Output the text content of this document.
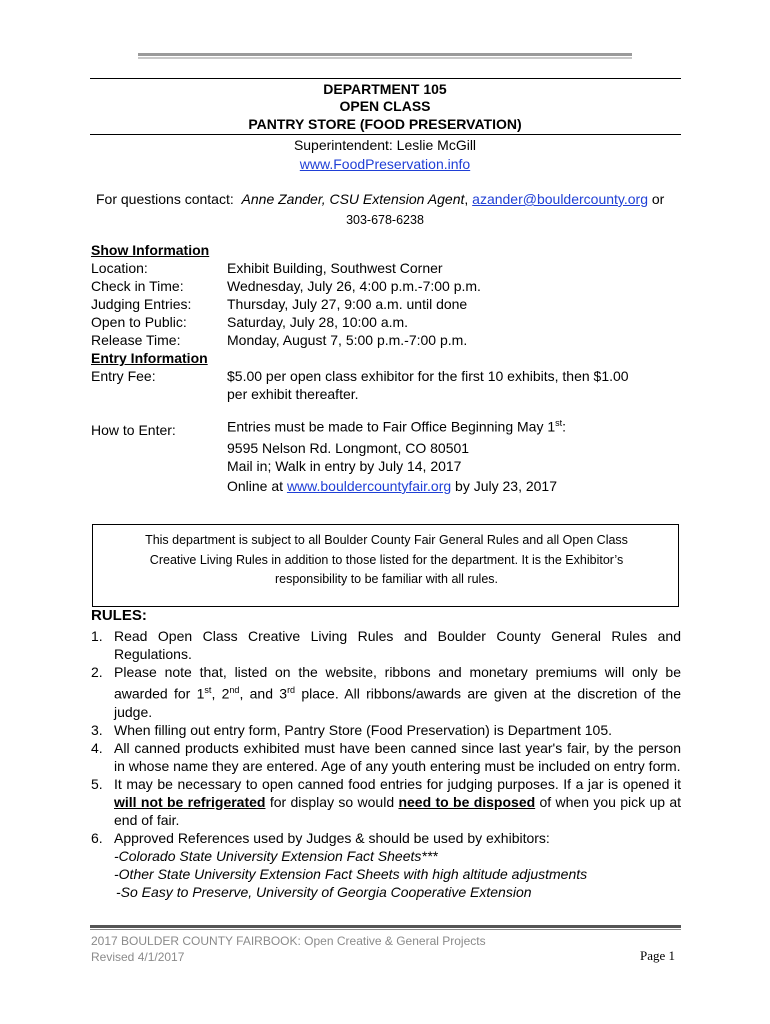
DEPARTMENT 105
OPEN CLASS
PANTRY STORE (FOOD PRESERVATION)
Superintendent: Leslie McGill
www.FoodPreservation.info
For questions contact: Anne Zander, CSU Extension Agent, azander@bouldercounty.org or
303-678-6238
Show Information
Location:	Exhibit Building, Southwest Corner
Check in Time:	Wednesday, July 26, 4:00 p.m.-7:00 p.m.
Judging Entries:	Thursday, July 27, 9:00 a.m. until done
Open to Public:	Saturday, July 28, 10:00 a.m.
Release Time:	Monday, August 7, 5:00 p.m.-7:00 p.m.
Entry Information
Entry Fee:	$5.00 per open class exhibitor for the first 10 exhibits, then $1.00
per exhibit thereafter.
How to Enter:	Entries must be made to Fair Office Beginning May 1st:
9595 Nelson Rd. Longmont, CO 80501
Mail in; Walk in entry by July 14, 2017
Online at www.bouldercountyfair.org by July 23, 2017
This department is subject to all Boulder County Fair General Rules and all Open Class
Creative Living Rules in addition to those listed for the department. It is the Exhibitor’s
responsibility to be familiar with all rules.
RULES:
1. Read Open Class Creative Living Rules and Boulder County General Rules and Regulations.
2. Please note that, listed on the website, ribbons and monetary premiums will only be awarded for 1st, 2nd, and 3rd place. All ribbons/awards are given at the discretion of the judge.
3. When filling out entry form, Pantry Store (Food Preservation) is Department 105.
4. All canned products exhibited must have been canned since last year's fair, by the person in whose name they are entered. Age of any youth entering must be included on entry form.
5. It may be necessary to open canned food entries for judging purposes. If a jar is opened it will not be refrigerated for display so would need to be disposed of when you pick up at end of fair.
6. Approved References used by Judges & should be used by exhibitors:
-Colorado State University Extension Fact Sheets***
-Other State University Extension Fact Sheets with high altitude adjustments
-So Easy to Preserve, University of Georgia Cooperative Extension
2017 BOULDER COUNTY FAIRBOOK: Open Creative & General Projects
Revised 4/1/2017	Page 1
